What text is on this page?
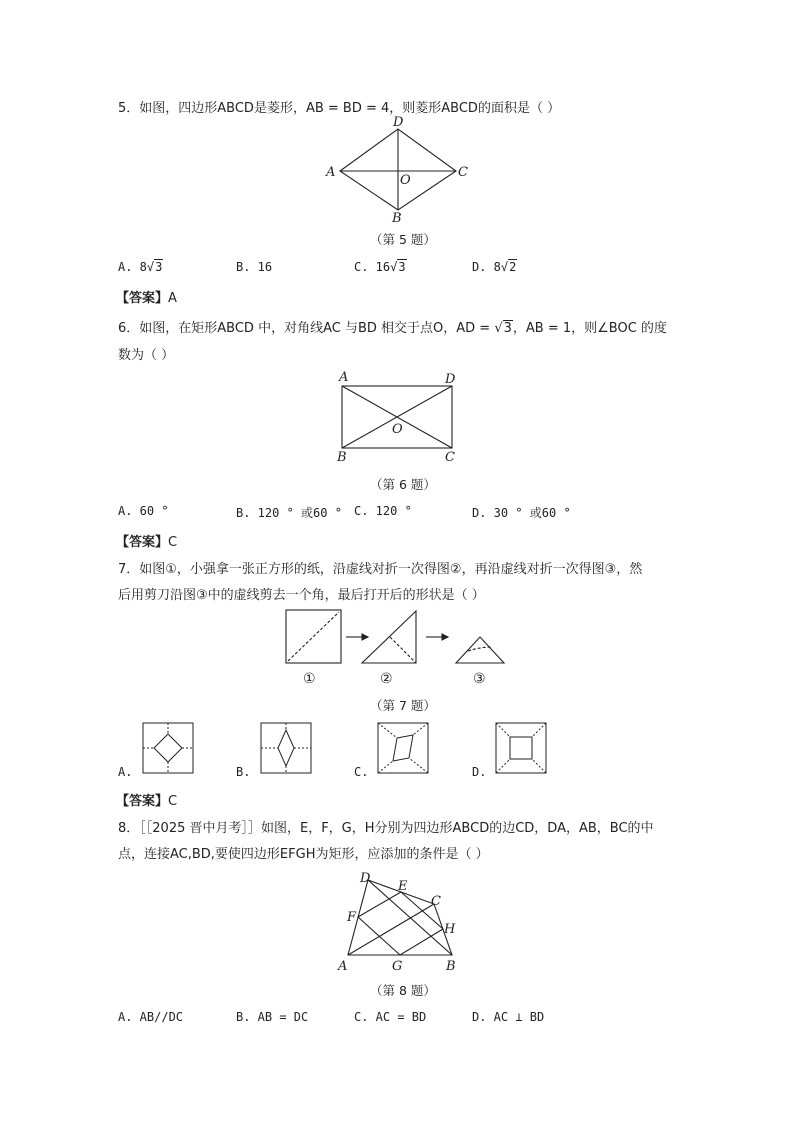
5．如图，四边形ABCD是菱形，AB = BD = 4，则菱形ABCD的面积是（ ）
D
A	C
O
B
（第 5 题）
A. 8 √ 3	B. 16	C. 16 √ 3	D. 8 √ 2
【答案】A
6．如图，在矩形ABCD 中，对角线AC 与BD 相交于点O，AD = √3，AB = 1，则∠BOC 的度
数为（ ）
A	D
O
B	C
（第 6 题）
A. 60 °	B. 120 ° 或60 ° C. 120 °	D. 30 ° 或60 °
【答案】C
7．如图①，小强拿一张正方形的纸，沿虚线对折一次得图②，再沿虚线对折一次得图③，然
后用剪刀沿图③中的虚线剪去一个角，最后打开后的形状是（ ）
①	②	③
（第 7 题）
A.	B.	C.	D.
【答案】C
8．［［2025 晋中月考］］如图，E，F，G，H分别为四边形ABCD的边CD，DA，AB，BC的中
点，连接AC,BD,要使四边形EFGH为矩形，应添加的条件是（ ）
D
E
C
F
H
A	G	B
（第 8 题）
A. AB//DC	B. AB = DC	C. AC = BD	D. AC ⊥ BD
